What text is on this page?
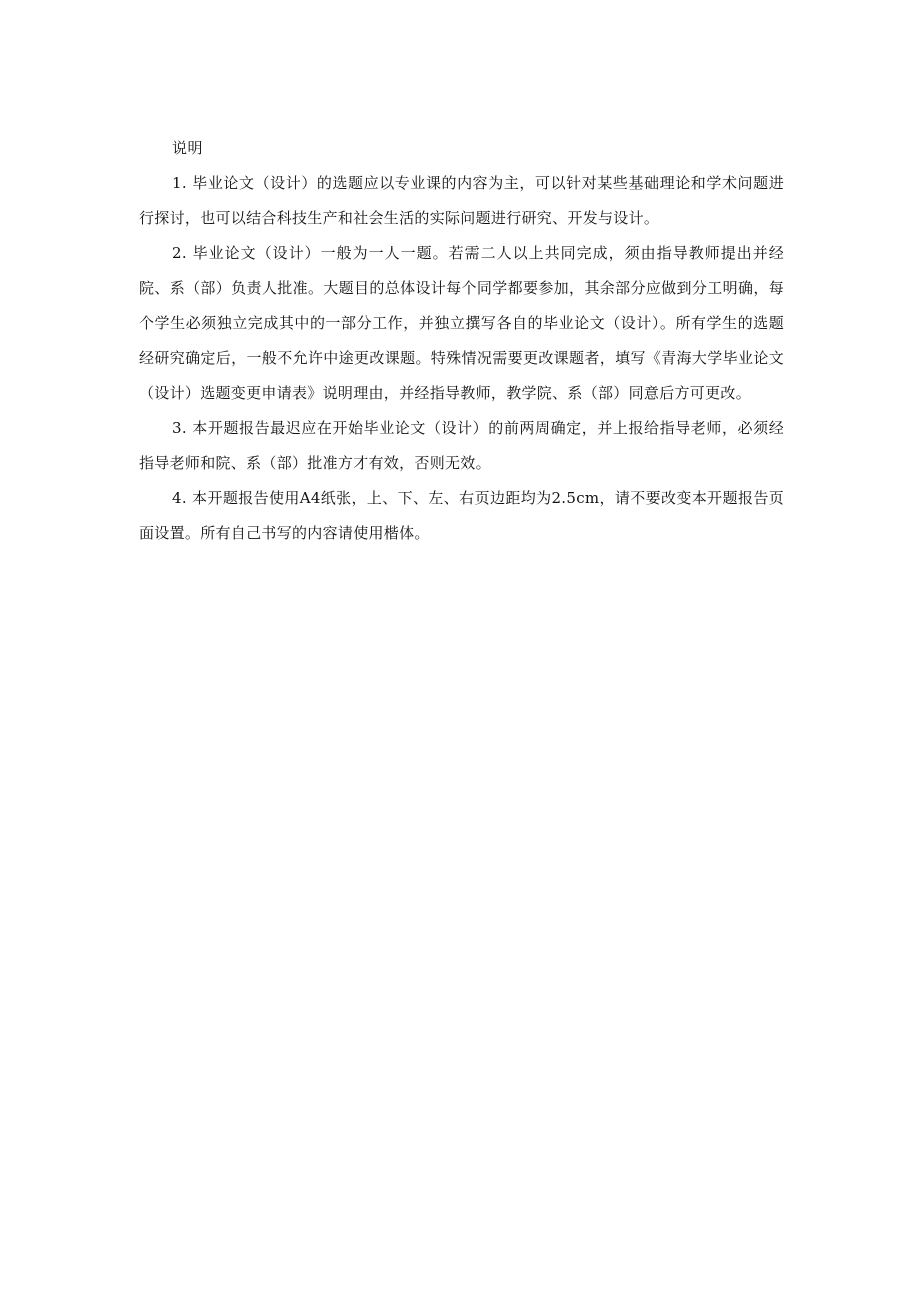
说明

1. 毕业论文（设计）的选题应以专业课的内容为主，可以针对某些基础理论和学术问题进行探讨，也可以结合科技生产和社会生活的实际问题进行研究、开发与设计。

2. 毕业论文（设计）一般为一人一题。若需二人以上共同完成，须由指导教师提出并经院、系（部）负责人批准。大题目的总体设计每个同学都要参加，其余部分应做到分工明确，每个学生必须独立完成其中的一部分工作，并独立撰写各自的毕业论文（设计）。所有学生的选题经研究确定后，一般不允许中途更改课题。特殊情况需要更改课题者，填写《青海大学毕业论文（设计）选题变更申请表》说明理由，并经指导教师，教学院、系（部）同意后方可更改。

3. 本开题报告最迟应在开始毕业论文（设计）的前两周确定，并上报给指导老师，必须经指导老师和院、系（部）批准方才有效，否则无效。

4. 本开题报告使用A4纸张，上、下、左、右页边距均为2.5cm，请不要改变本开题报告页面设置。所有自己书写的内容请使用楷体。
